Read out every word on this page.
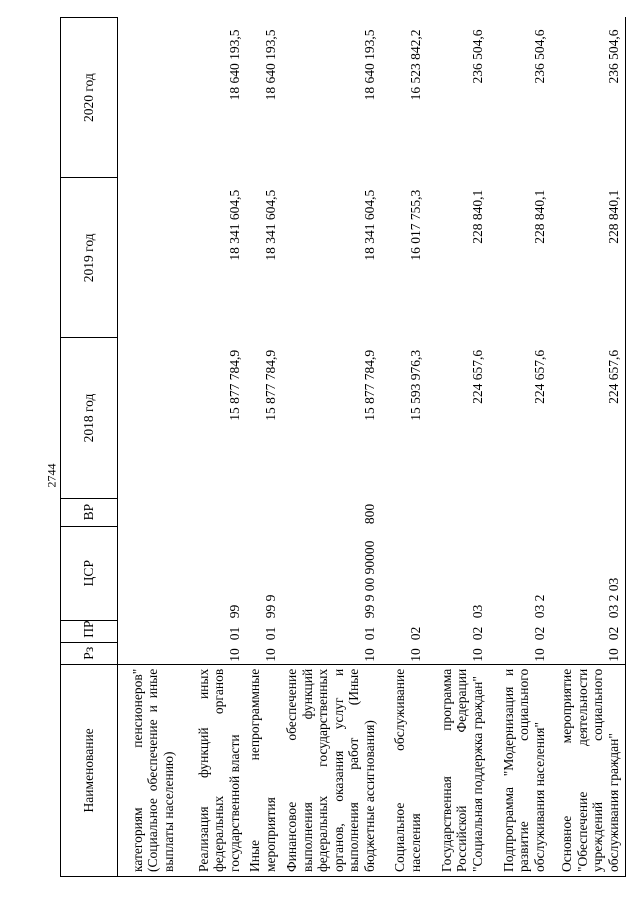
2744
Наименование	Рз	ПР	ЦСР	ВР	2018 год	2019 год	2020 год
категориям пенсионеров" (Социальное обеспечение и иные выплаты населению)							
Реализация функций иных федеральных органов государственной власти	10	01	99		15 877 784,9	18 341 604,5	18 640 193,5
Иные непрограммные мероприятия	10	01	99 9		15 877 784,9	18 341 604,5	18 640 193,5
Финансовое обеспечение выполнения функций федеральных государственных органов, оказания услуг и выполнения работ (Иные бюджетные ассигнования)	10	01	99 9 00 90000	800	15 877 784,9	18 341 604,5	18 640 193,5
Социальное обслуживание населения	10	02			15 593 976,3	16 017 755,3	16 523 842,2
Государственная программа Российской Федерации "Социальная поддержка граждан"	10	02	03		224 657,6	228 840,1	236 504,6
Подпрограмма "Модернизация и развитие социального обслуживания населения"	10	02	03 2		224 657,6	228 840,1	236 504,6
Основное мероприятие "Обеспечение деятельности учреждений социального обслуживания граждан"	10	02	03 2 03		224 657,6	228 840,1	236 504,6
